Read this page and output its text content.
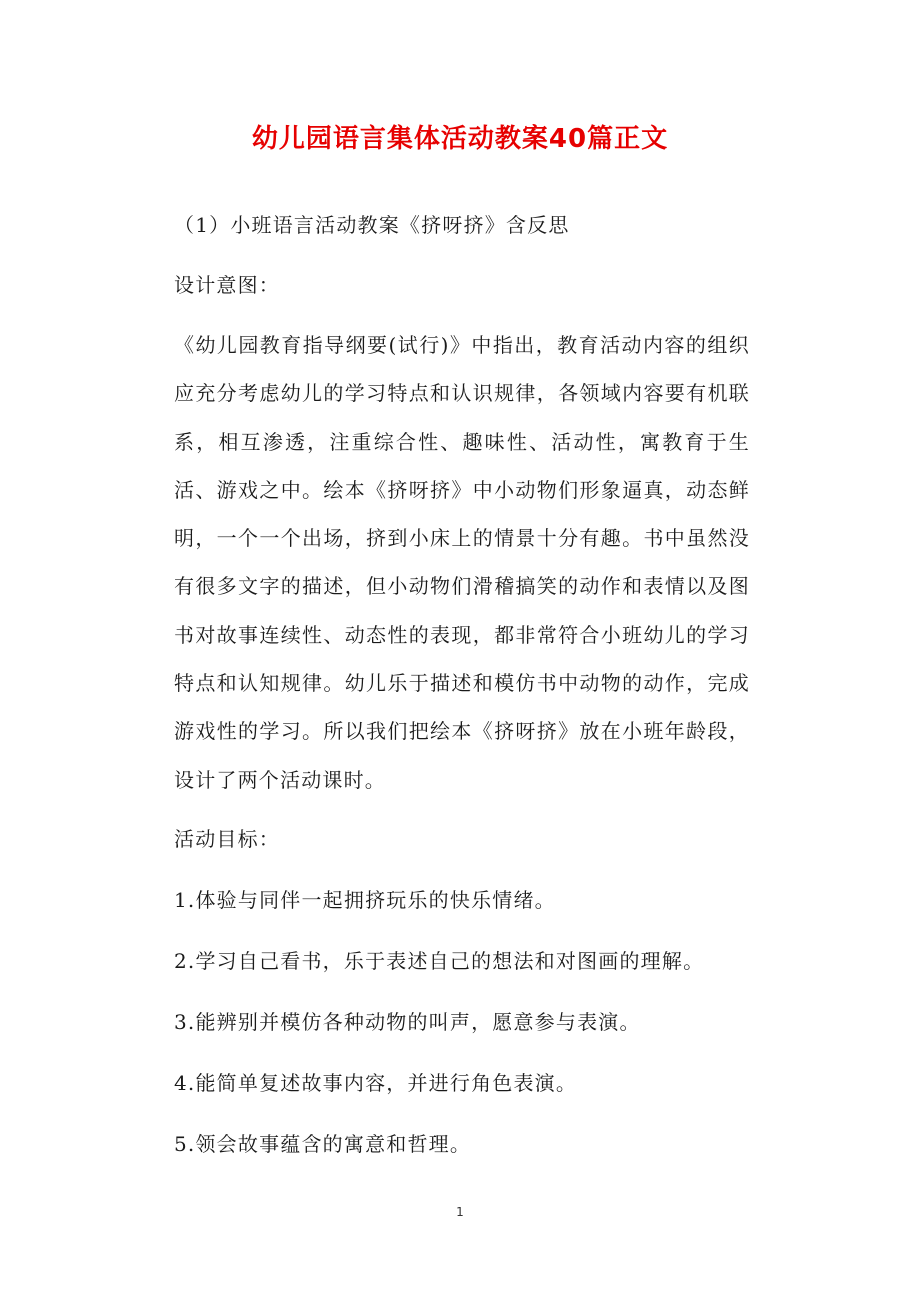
幼儿园语言集体活动教案40篇正文

（1）小班语言活动教案《挤呀挤》含反思

设计意图：

《幼儿园教育指导纲要(试行)》中指出，教育活动内容的组织应充分考虑幼儿的学习特点和认识规律，各领域内容要有机联系，相互渗透，注重综合性、趣味性、活动性，寓教育于生活、游戏之中。绘本《挤呀挤》中小动物们形象逼真，动态鲜明，一个一个出场，挤到小床上的情景十分有趣。书中虽然没有很多文字的描述，但小动物们滑稽搞笑的动作和表情以及图书对故事连续性、动态性的表现，都非常符合小班幼儿的学习特点和认知规律。幼儿乐于描述和模仿书中动物的动作，完成游戏性的学习。所以我们把绘本《挤呀挤》放在小班年龄段，设计了两个活动课时。

活动目标：

1.体验与同伴一起拥挤玩乐的快乐情绪。

2.学习自己看书，乐于表述自己的想法和对图画的理解。

3.能辨别并模仿各种动物的叫声，愿意参与表演。

4.能简单复述故事内容，并进行角色表演。

5.领会故事蕴含的寓意和哲理。

1
